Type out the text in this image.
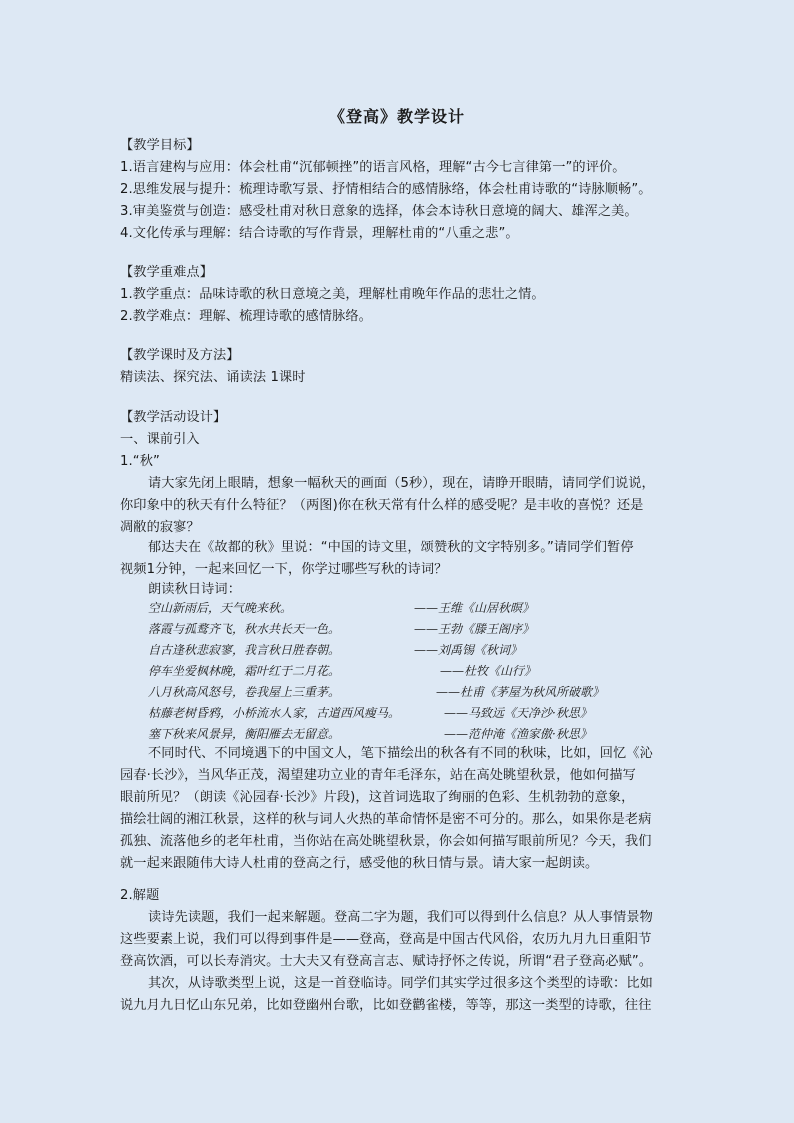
《登高》教学设计
【教学目标】
1.语言建构与应用：体会杜甫“沉郁顿挫”的语言风格，理解“古今七言律第一”的评价。
2.思维发展与提升：梳理诗歌写景、抒情相结合的感情脉络，体会杜甫诗歌的“诗脉顺畅”。
3.审美鉴赏与创造：感受杜甫对秋日意象的选择，体会本诗秋日意境的阔大、雄浑之美。
4.文化传承与理解：结合诗歌的写作背景，理解杜甫的“八重之悲”。
【教学重难点】
1.教学重点：品味诗歌的秋日意境之美，理解杜甫晚年作品的悲壮之情。
2.教学难点：理解、梳理诗歌的感情脉络。
【教学课时及方法】
精读法、探究法、诵读法 1课时
【教学活动设计】
一、课前引入
1.“秋”
请大家先闭上眼睛，想象一幅秋天的画面（5秒），现在，请睁开眼睛，请同学们说说，
你印象中的秋天有什么特征？（两图)你在秋天常有什么样的感受呢？是丰收的喜悦？还是
凋敝的寂寥？
郁达夫在《故都的秋》里说：“中国的诗文里，颂赞秋的文字特别多。”请同学们暂停
视频1分钟，一起来回忆一下，你学过哪些写秋的诗词？
朗读秋日诗词：
空山新雨后，天气晚来秋。	——王维《山居秋暝》
落霞与孤鹜齐飞，秋水共长天一色。	——王勃《滕王阁序》
自古逢秋悲寂寥，我言秋日胜春朝。	——刘禹锡《秋词》
停车坐爱枫林晚，霜叶红于二月花。	——杜牧《山行》
八月秋高风怒号，卷我屋上三重茅。	——杜甫《茅屋为秋风所破歌》
枯藤老树昏鸦，小桥流水人家，古道西风瘦马。	——马致远《天净沙·秋思》
塞下秋来风景异，衡阳雁去无留意。	——范仲淹《渔家傲·秋思》
不同时代、不同境遇下的中国文人，笔下描绘出的秋各有不同的秋味，比如，回忆《沁
园春·长沙》，当风华正茂，渴望建功立业的青年毛泽东，站在高处眺望秋景，他如何描写
眼前所见？（朗读《沁园春·长沙》片段)，这首词选取了绚丽的色彩、生机勃勃的意象，
描绘壮阔的湘江秋景，这样的秋与词人火热的革命情怀是密不可分的。那么，如果你是老病
孤独、流落他乡的老年杜甫，当你站在高处眺望秋景，你会如何描写眼前所见？今天，我们
就一起来跟随伟大诗人杜甫的登高之行，感受他的秋日情与景。请大家一起朗读。
2.解题
读诗先读题，我们一起来解题。登高二字为题，我们可以得到什么信息？从人事情景物
这些要素上说，我们可以得到事件是——登高，登高是中国古代风俗，农历九月九日重阳节
登高饮酒，可以长寿消灾。士大夫又有登高言志、赋诗抒怀之传说，所谓“君子登高必赋”。
其次，从诗歌类型上说，这是一首登临诗。同学们其实学过很多这个类型的诗歌：比如
说九月九日忆山东兄弟，比如登幽州台歌，比如登鹳雀楼，等等，那这一类型的诗歌，往往
